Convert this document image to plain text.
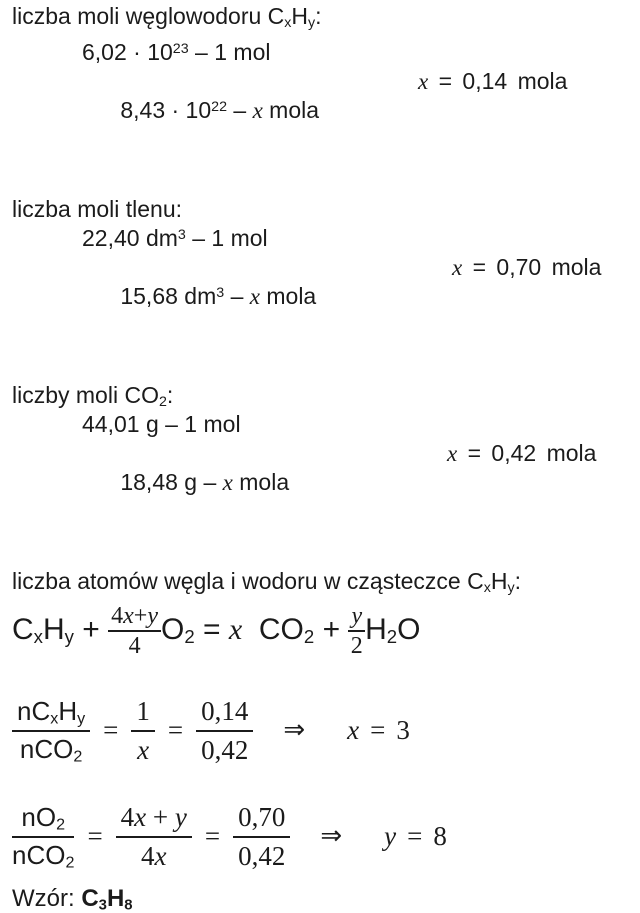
liczba moli węglowodoru $C_xH_y$:
$6,02 \cdot 10^{23} - 1$ mol

$8,43 \cdot 10^{22} - x$ mola

x = 0,14 mola

liczba moli tlenu:
22,40 $dm^3 - 1$ mol

15,68 $dm^3$ – x mola

x = 0,70 mola

liczby moli $CO_2$:
44,01 g – 1 mol

18,48 g – x mola

x = 0,42 mola

liczba atomów węgla i wodoru w cząsteczce $C_xH_y$:
$C_xH_y + \frac{4x+y}{4} O_2 = x$  $CO_2 + \frac{y}{2} H_2O$
$\frac{nC_xH_y}{nCO_2} = \frac{1}{x} = \frac{0,14}{0,42}$ ⇒ x = 3
$\frac{nO_2}{nCO_2} = \frac{4x + y}{4x} = \frac{0,70}{0,42}$ ⇒ y = 8
Wzór: $C_3H_8$
